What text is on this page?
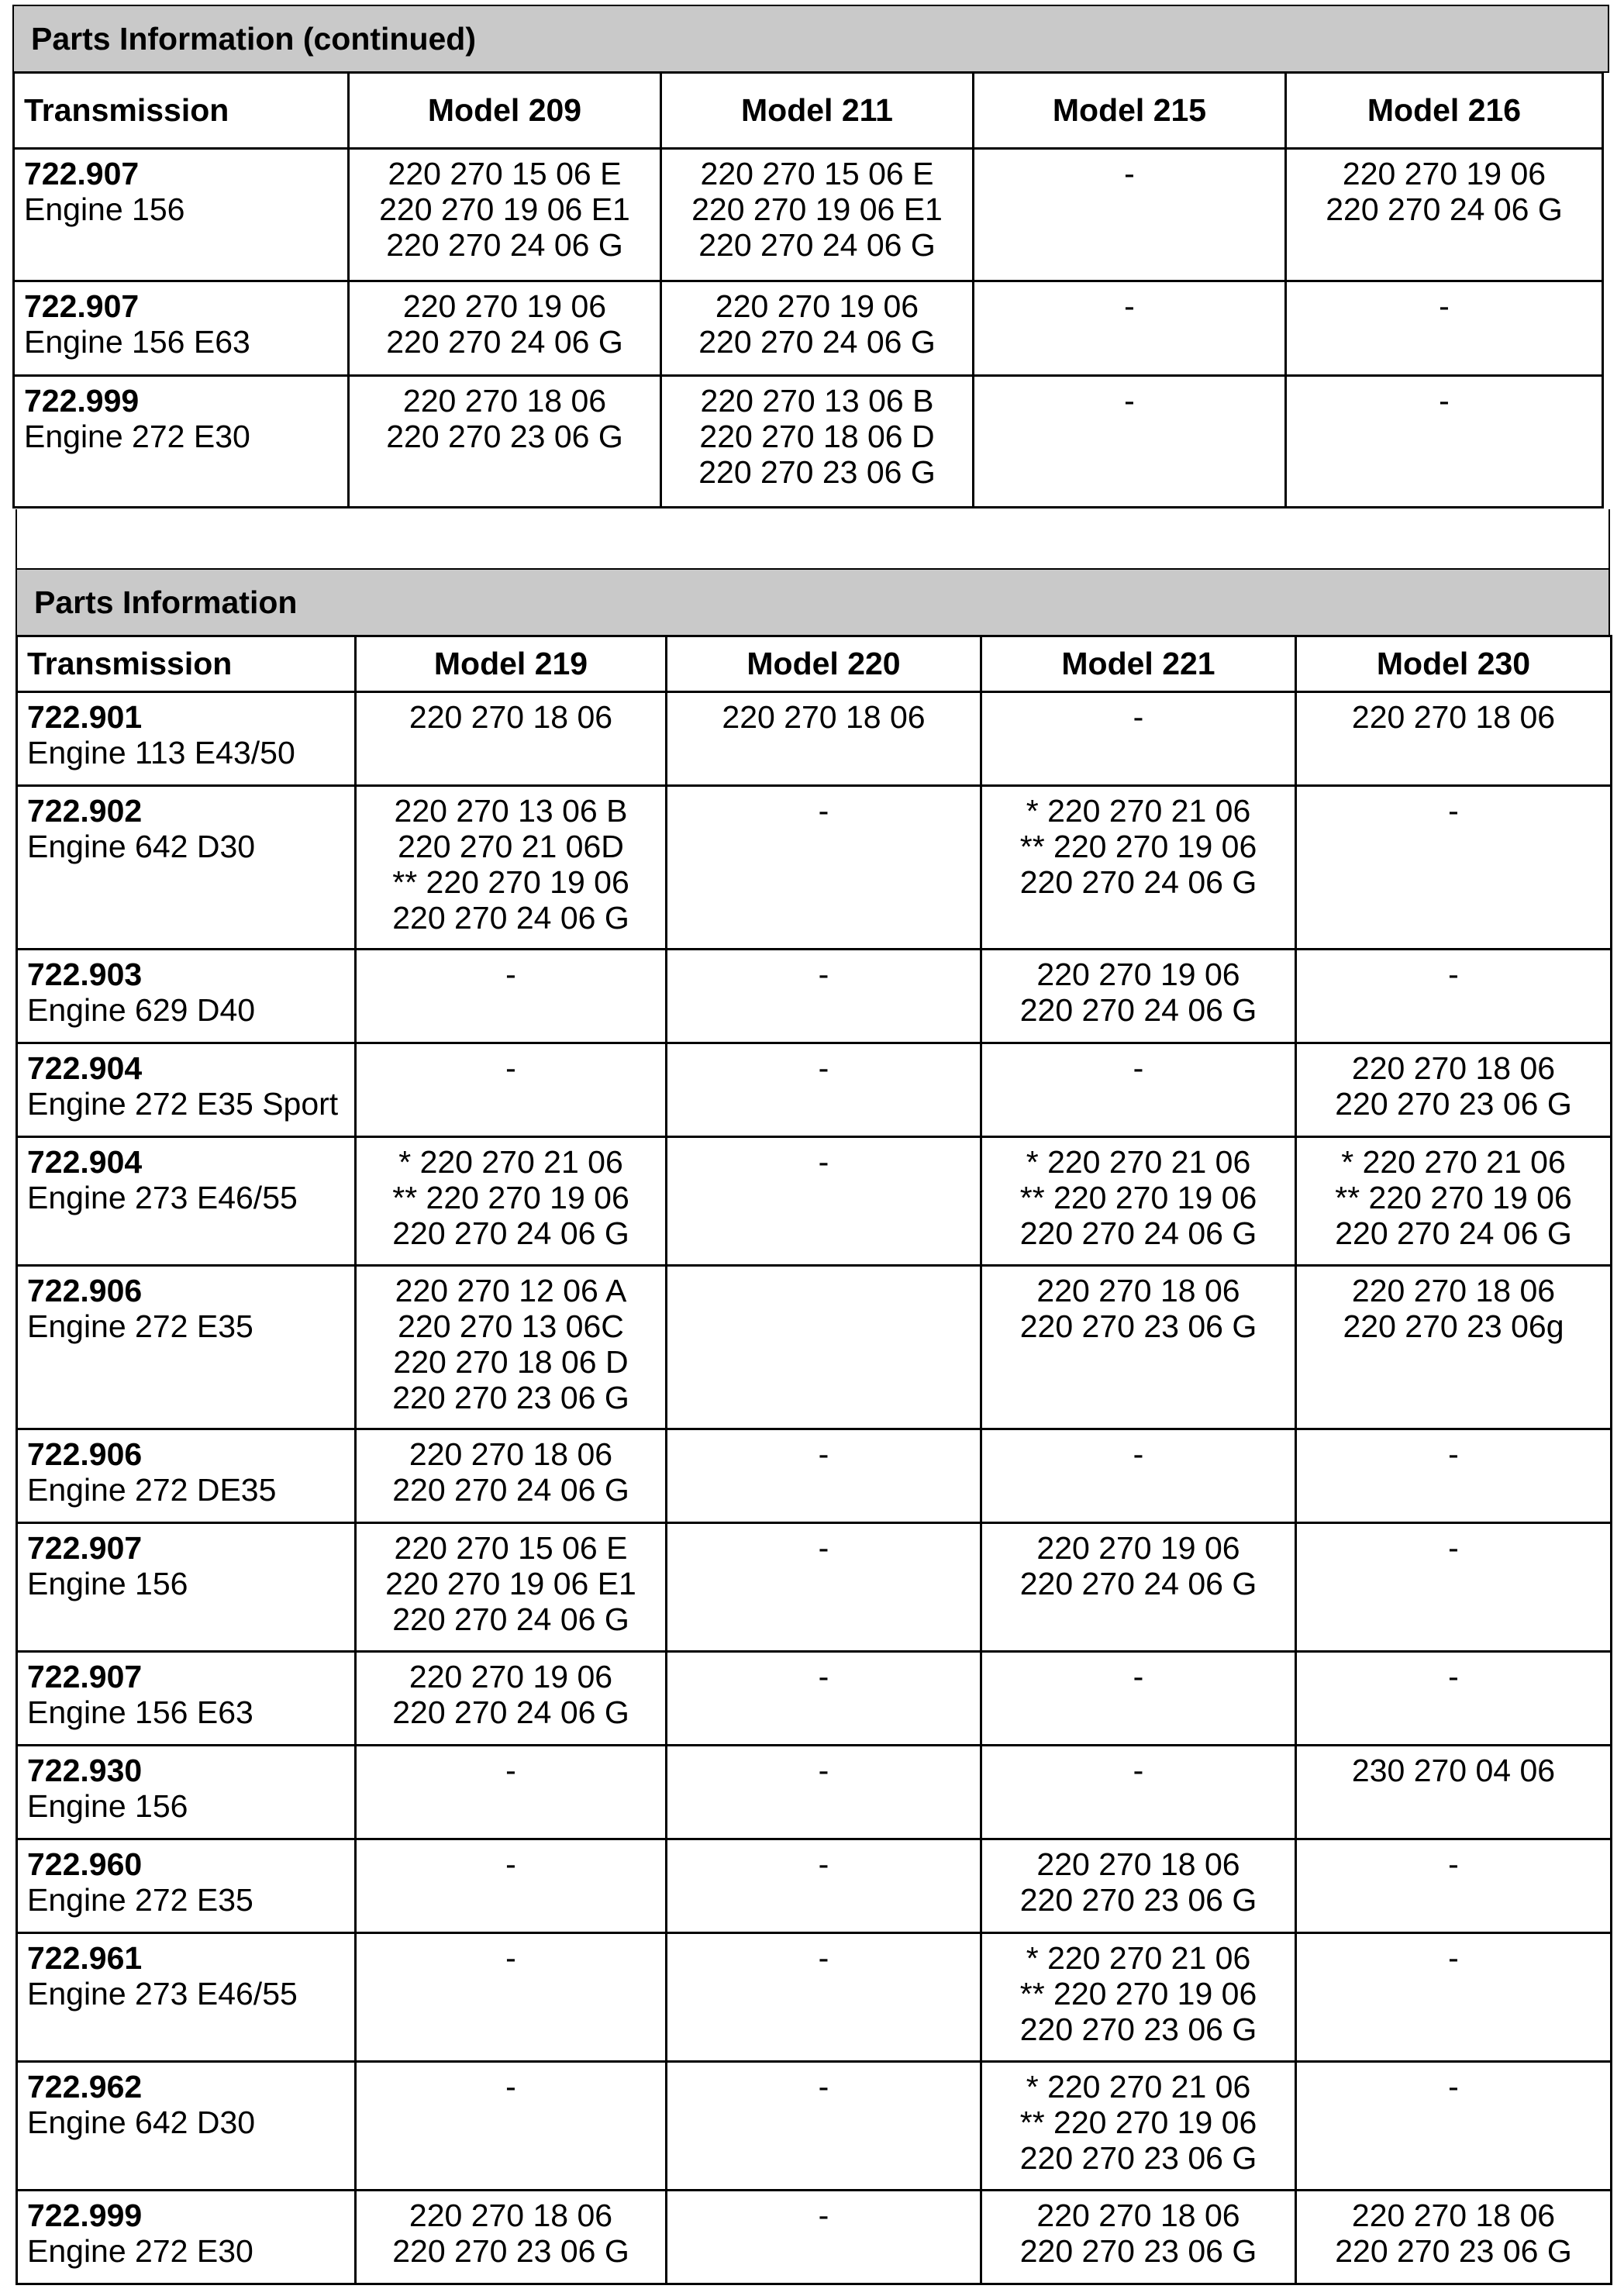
Parts Information (continued)
Transmission	Model 209	Model 211	Model 215	Model 216

722.907
Engine 156	220 270 15 06 E
220 270 19 06 E1
220 270 24 06 G	220 270 15 06 E
220 270 19 06 E1
220 270 24 06 G	-	220 270 19 06
220 270 24 06 G

722.907
Engine 156 E63	220 270 19 06
220 270 24 06 G	220 270 19 06
220 270 24 06 G	-	-

722.999
Engine 272 E30	220 270 18 06
220 270 23 06 G	220 270 13 06 B
220 270 18 06 D
220 270 23 06 G	-	-
Parts Information
Transmission	Model 219	Model 220	Model 221	Model 230

722.901
Engine 113 E43/50	220 270 18 06	220 270 18 06	-	220 270 18 06

722.902
Engine 642 D30	220 270 13 06 B
220 270 21 06D
** 220 270 19 06
220 270 24 06 G	-	* 220 270 21 06
** 220 270 19 06
220 270 24 06 G	-

722.903
Engine 629 D40	-	-	220 270 19 06
220 270 24 06 G	-

722.904
Engine 272 E35 Sport	-	-	-	220 270 18 06
220 270 23 06 G

722.904
Engine 273 E46/55	* 220 270 21 06
** 220 270 19 06
220 270 24 06 G	-	* 220 270 21 06
** 220 270 19 06
220 270 24 06 G	* 220 270 21 06
** 220 270 19 06
220 270 24 06 G

722.906
Engine 272 E35	220 270 12 06 A
220 270 13 06C
220 270 18 06 D
220 270 23 06 G		220 270 18 06
220 270 23 06 G	220 270 18 06
220 270 23 06g

722.906
Engine 272 DE35	220 270 18 06
220 270 24 06 G	-	-	-

722.907
Engine 156	220 270 15 06 E
220 270 19 06 E1
220 270 24 06 G	-	220 270 19 06
220 270 24 06 G	-

722.907
Engine 156 E63	220 270 19 06
220 270 24 06 G	-	-	-

722.930
Engine 156	-	-	-	230 270 04 06

722.960
Engine 272 E35	-	-	220 270 18 06
220 270 23 06 G	-

722.961
Engine 273 E46/55	-	-	* 220 270 21 06
** 220 270 19 06
220 270 23 06 G	-

722.962
Engine 642 D30	-	-	* 220 270 21 06
** 220 270 19 06
220 270 23 06 G	-

722.999
Engine 272 E30	220 270 18 06
220 270 23 06 G	-	220 270 18 06
220 270 23 06 G	220 270 18 06
220 270 23 06 G
